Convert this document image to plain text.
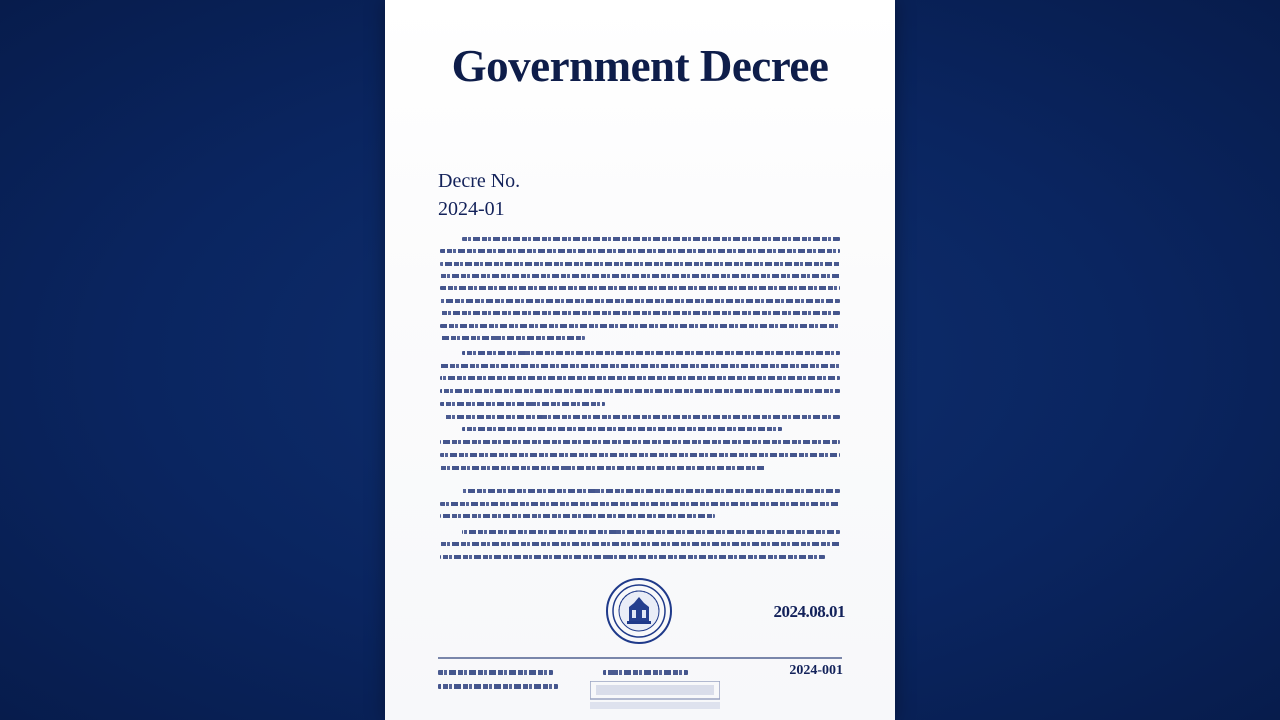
Government Decree
Decre No.
2024-01
2024.08.01
2024-001
